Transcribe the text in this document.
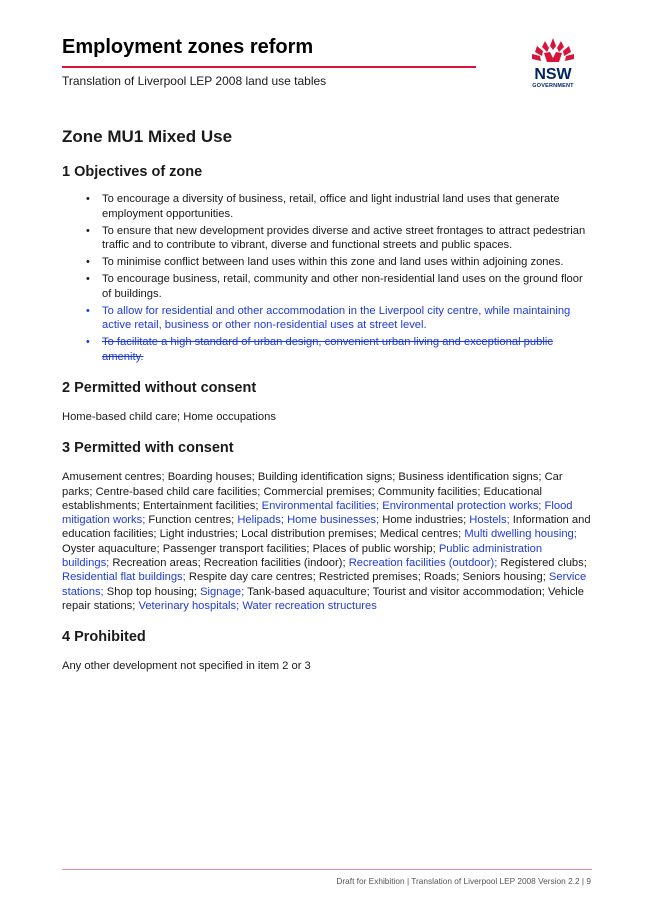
Employment zones reform
Translation of Liverpool LEP 2008 land use tables	NSW
GOVERNMENT
Zone MU1 Mixed Use
1 Objectives of zone
• To encourage a diversity of business, retail, office and light industrial land uses that generate employment opportunities.
• To ensure that new development provides diverse and active street frontages to attract pedestrian traffic and to contribute to vibrant, diverse and functional streets and public spaces.
• To minimise conflict between land uses within this zone and land uses within adjoining zones.
• To encourage business, retail, community and other non-residential land uses on the ground floor of buildings.
• To allow for residential and other accommodation in the Liverpool city centre, while maintaining active retail, business or other non-residential uses at street level.
• To facilitate a high standard of urban design, convenient urban living and exceptional public amenity.
2 Permitted without consent

Home-based child care; Home occupations

3 Permitted with consent

Amusement centres; Boarding houses; Building identification signs; Business identification signs; Car parks; Centre-based child care facilities; Commercial premises; Community facilities; Educational establishments; Entertainment facilities; Environmental facilities; Environmental protection works; Flood mitigation works; Function centres; Helipads; Home businesses; Home industries; Hostels; Information and education facilities; Light industries; Local distribution premises; Medical centres; Multi dwelling housing; Oyster aquaculture; Passenger transport facilities; Places of public worship; Public administration buildings; Recreation areas; Recreation facilities (indoor); Recreation facilities (outdoor); Registered clubs; Residential flat buildings; Respite day care centres; Restricted premises; Roads; Seniors housing; Service stations; Shop top housing; Signage; Tank-based aquaculture; Tourist and visitor accommodation; Vehicle repair stations; Veterinary hospitals; Water recreation structures

4 Prohibited

Any other development not specified in item 2 or 3

Draft for Exhibition | Translation of Liverpool LEP 2008 Version 2.2 | 9
